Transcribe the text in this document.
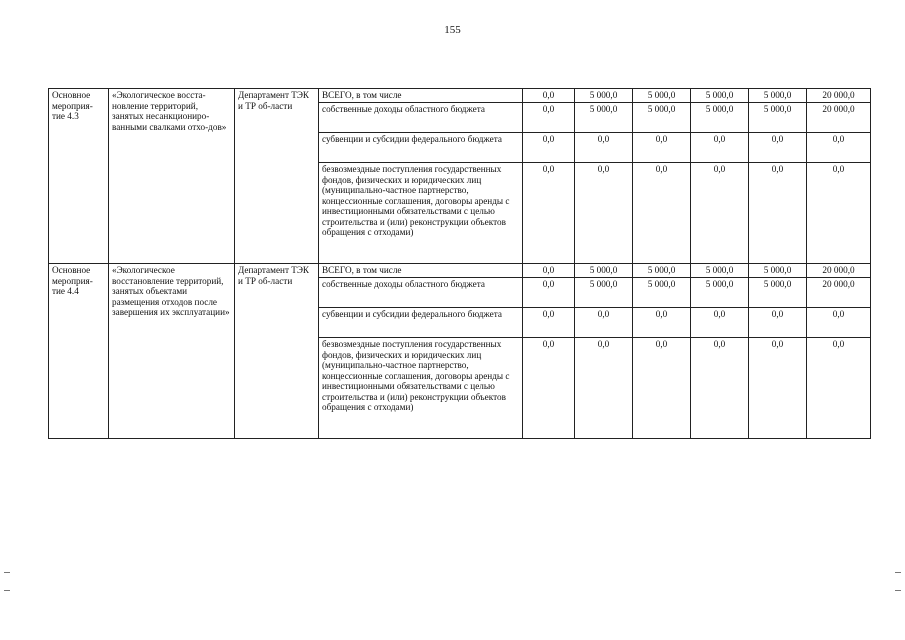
155
Основное мероприя-тие 4.3	«Экологическое восста-новление территорий, занятых несанкциониро-ванными свалками отхо-дов»	Департамент ТЭК и ТР об-ласти	ВСЕГО, в том числе	0,0	5 000,0	5 000,0	5 000,0	5 000,0	20 000,0
			собственные доходы областного бюджета	0,0	5 000,0	5 000,0	5 000,0	5 000,0	20 000,0
			субвенции и субсидии федерального бюджета	0,0	0,0	0,0	0,0	0,0	0,0
			безвозмездные поступления государственных фондов, физических и юридических лиц (муниципально-частное партнерство, концессионные соглашения, договоры аренды с инвестиционными обязательствами с целью строительства и (или) реконструкции объектов обращения с отходами)	0,0	0,0	0,0	0,0	0,0	0,0
Основное мероприя-тие 4.4	«Экологическое восстановление территорий, занятых объектами размещения отходов после завершения их эксплуатации»	Департамент ТЭК и ТР об-ласти	ВСЕГО, в том числе	0,0	5 000,0	5 000,0	5 000,0	5 000,0	20 000,0
			собственные доходы областного бюджета	0,0	5 000,0	5 000,0	5 000,0	5 000,0	20 000,0
			субвенции и субсидии федерального бюджета	0,0	0,0	0,0	0,0	0,0	0,0
			безвозмездные поступления государственных фондов, физических и юридических лиц (муниципально-частное партнерство, концессионные соглашения, договоры аренды с инвестиционными обязательствами с целью строительства и (или) реконструкции объектов обращения с отходами)	0,0	0,0	0,0	0,0	0,0	0,0
